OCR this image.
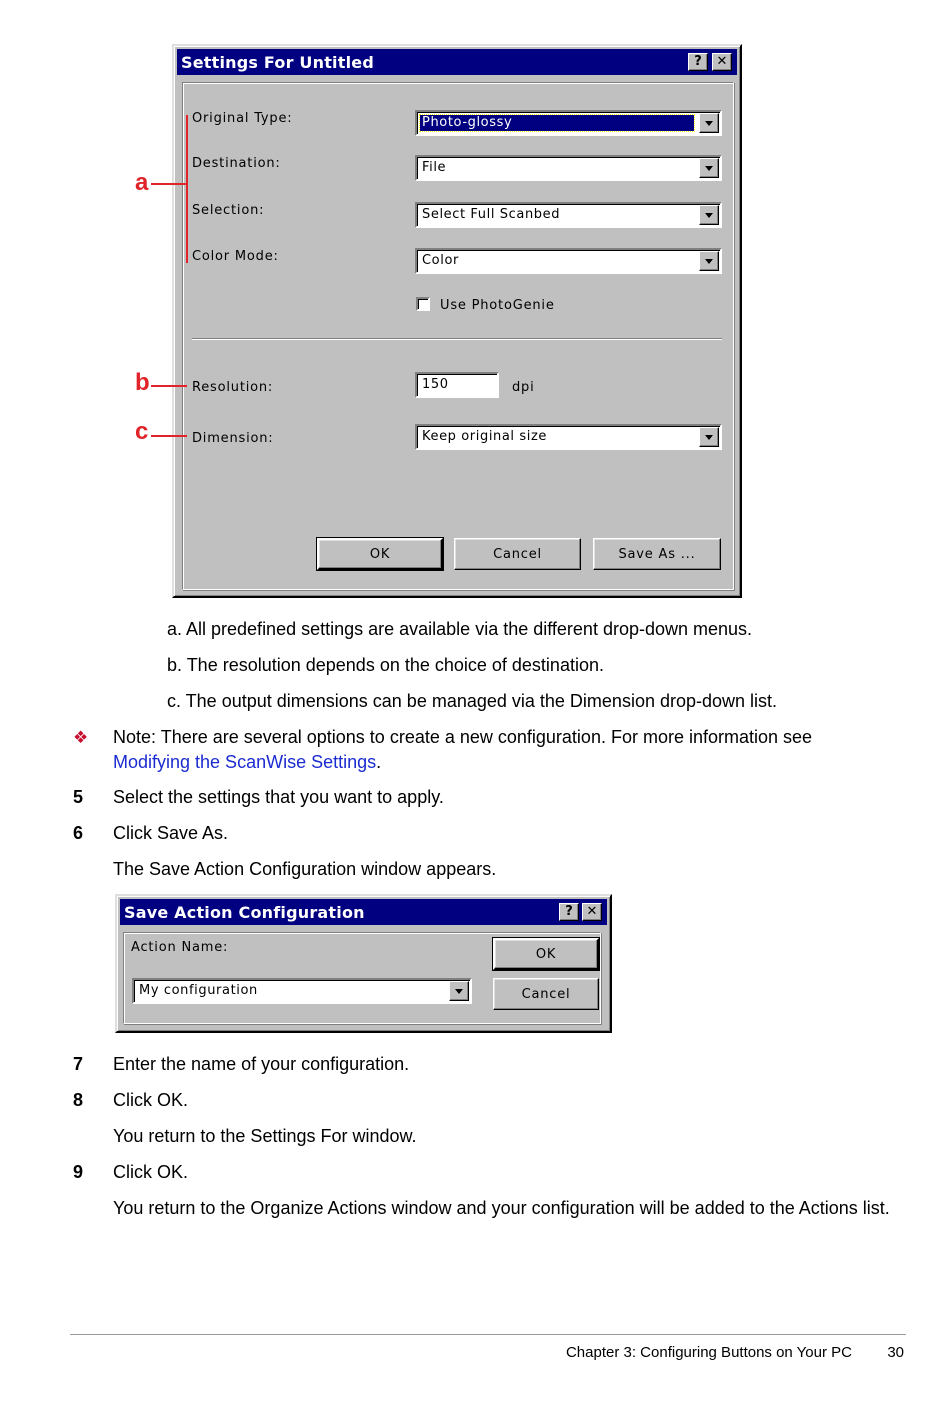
Settings For Untitled	?	✕
Original Type:	Photo-glossy
Destination:	File
Selection:	Select Full Scanbed
Color Mode:	Color
Use PhotoGenie
Resolution:	150	dpi
Dimension:	Keep original size
OK	Cancel	Save As ...
a
b
c
a. All predefined settings are available via the different drop-down menus.
b. The resolution depends on the choice of destination.
c. The output dimensions can be managed via the Dimension drop-down list.
❖ Note: There are several options to create a new configuration. For more information see
Modifying the ScanWise Settings.
5 Select the settings that you want to apply.
6 Click Save As.
The Save Action Configuration window appears.
Save Action Configuration	?	✕
Action Name:
My configuration
OK
Cancel
7 Enter the name of your configuration.
8 Click OK.
You return to the Settings For window.
9 Click OK.
You return to the Organize Actions window and your configuration will be added to the Actions list.
Chapter 3: Configuring Buttons on Your PC 30
